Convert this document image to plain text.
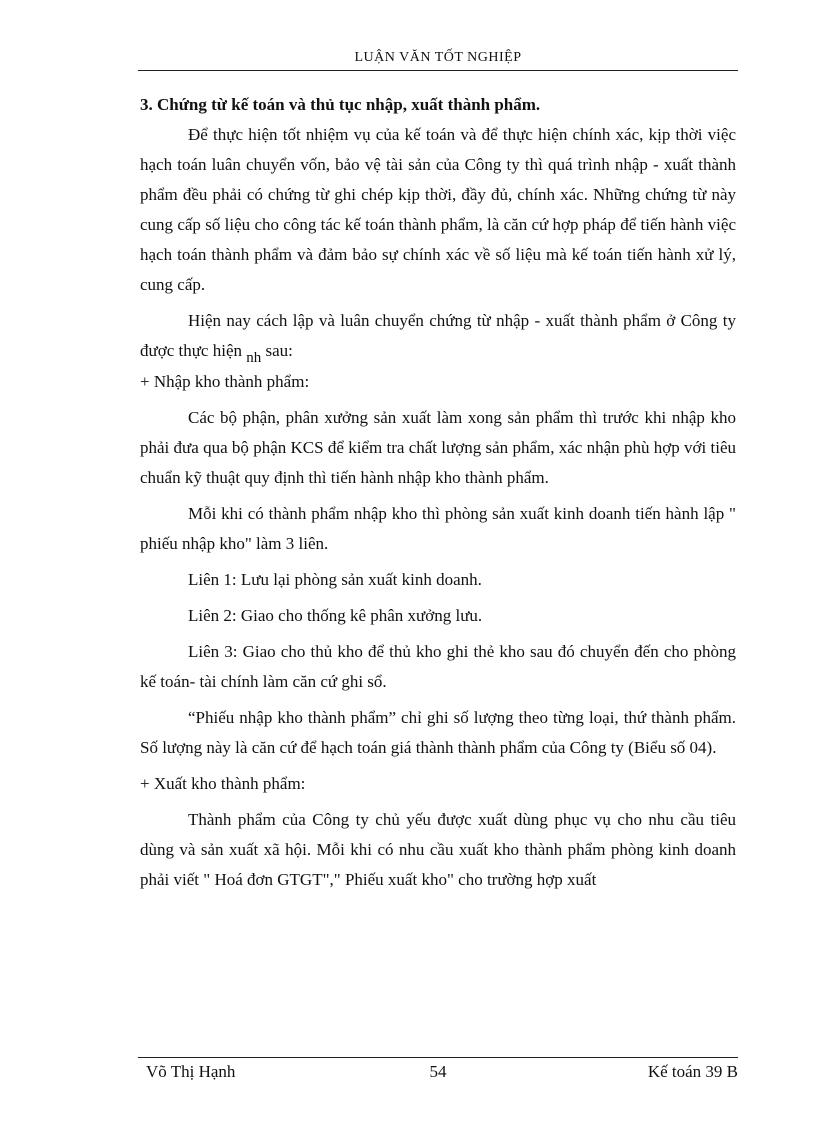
LUẬN VĂN TỐT NGHIỆP

3. Chứng từ kế toán và thủ tục nhập, xuất thành phẩm.

Để thực hiện tốt nhiệm vụ của kế toán và để thực hiện chính xác, kịp thời việc hạch toán luân chuyển vốn, bảo vệ tài sản của Công ty thì quá trình nhập - xuất thành phẩm đều phải có chứng từ ghi chép kịp thời, đầy đủ, chính xác. Những chứng từ này cung cấp số liệu cho công tác kế toán thành phẩm, là căn cứ hợp pháp để tiến hành việc hạch toán thành phẩm và đảm bảo sự chính xác về số liệu mà kế toán tiến hành xử lý, cung cấp.

Hiện nay cách lập và luân chuyển chứng từ nhập - xuất thành phẩm ở Công ty được thực hiện nh sau:

+ Nhập kho thành phẩm:

Các bộ phận, phân xưởng sản xuất làm xong sản phẩm thì trước khi nhập kho phải đưa qua bộ phận KCS để kiểm tra chất lượng sản phẩm, xác nhận phù hợp với tiêu chuẩn kỹ thuật quy định thì tiến hành nhập kho thành phẩm.

Mỗi khi có thành phẩm nhập kho thì phòng sản xuất kinh doanh tiến hành lập " phiếu nhập kho" làm 3 liên.

Liên 1: Lưu lại phòng sản xuất kinh doanh.

Liên 2: Giao cho thống kê phân xưởng lưu.

Liên 3: Giao cho thủ kho để thủ kho ghi thẻ kho sau đó chuyển đến cho phòng kế toán- tài chính làm căn cứ ghi sổ.

“Phiếu nhập kho thành phẩm” chỉ ghi số lượng theo từng loại, thứ thành phẩm. Số lượng này là căn cứ để hạch toán giá thành thành phẩm của Công ty (Biểu số 04).

+ Xuất kho thành phẩm:

Thành phẩm của Công ty chủ yếu được xuất dùng phục vụ cho nhu cầu tiêu dùng và sản xuất xã hội. Mỗi khi có nhu cầu xuất kho thành phẩm phòng kinh doanh phải viết " Hoá đơn GTGT"," Phiếu xuất kho" cho trường hợp xuất

Võ Thị Hạnh	54	Kế toán 39 B
